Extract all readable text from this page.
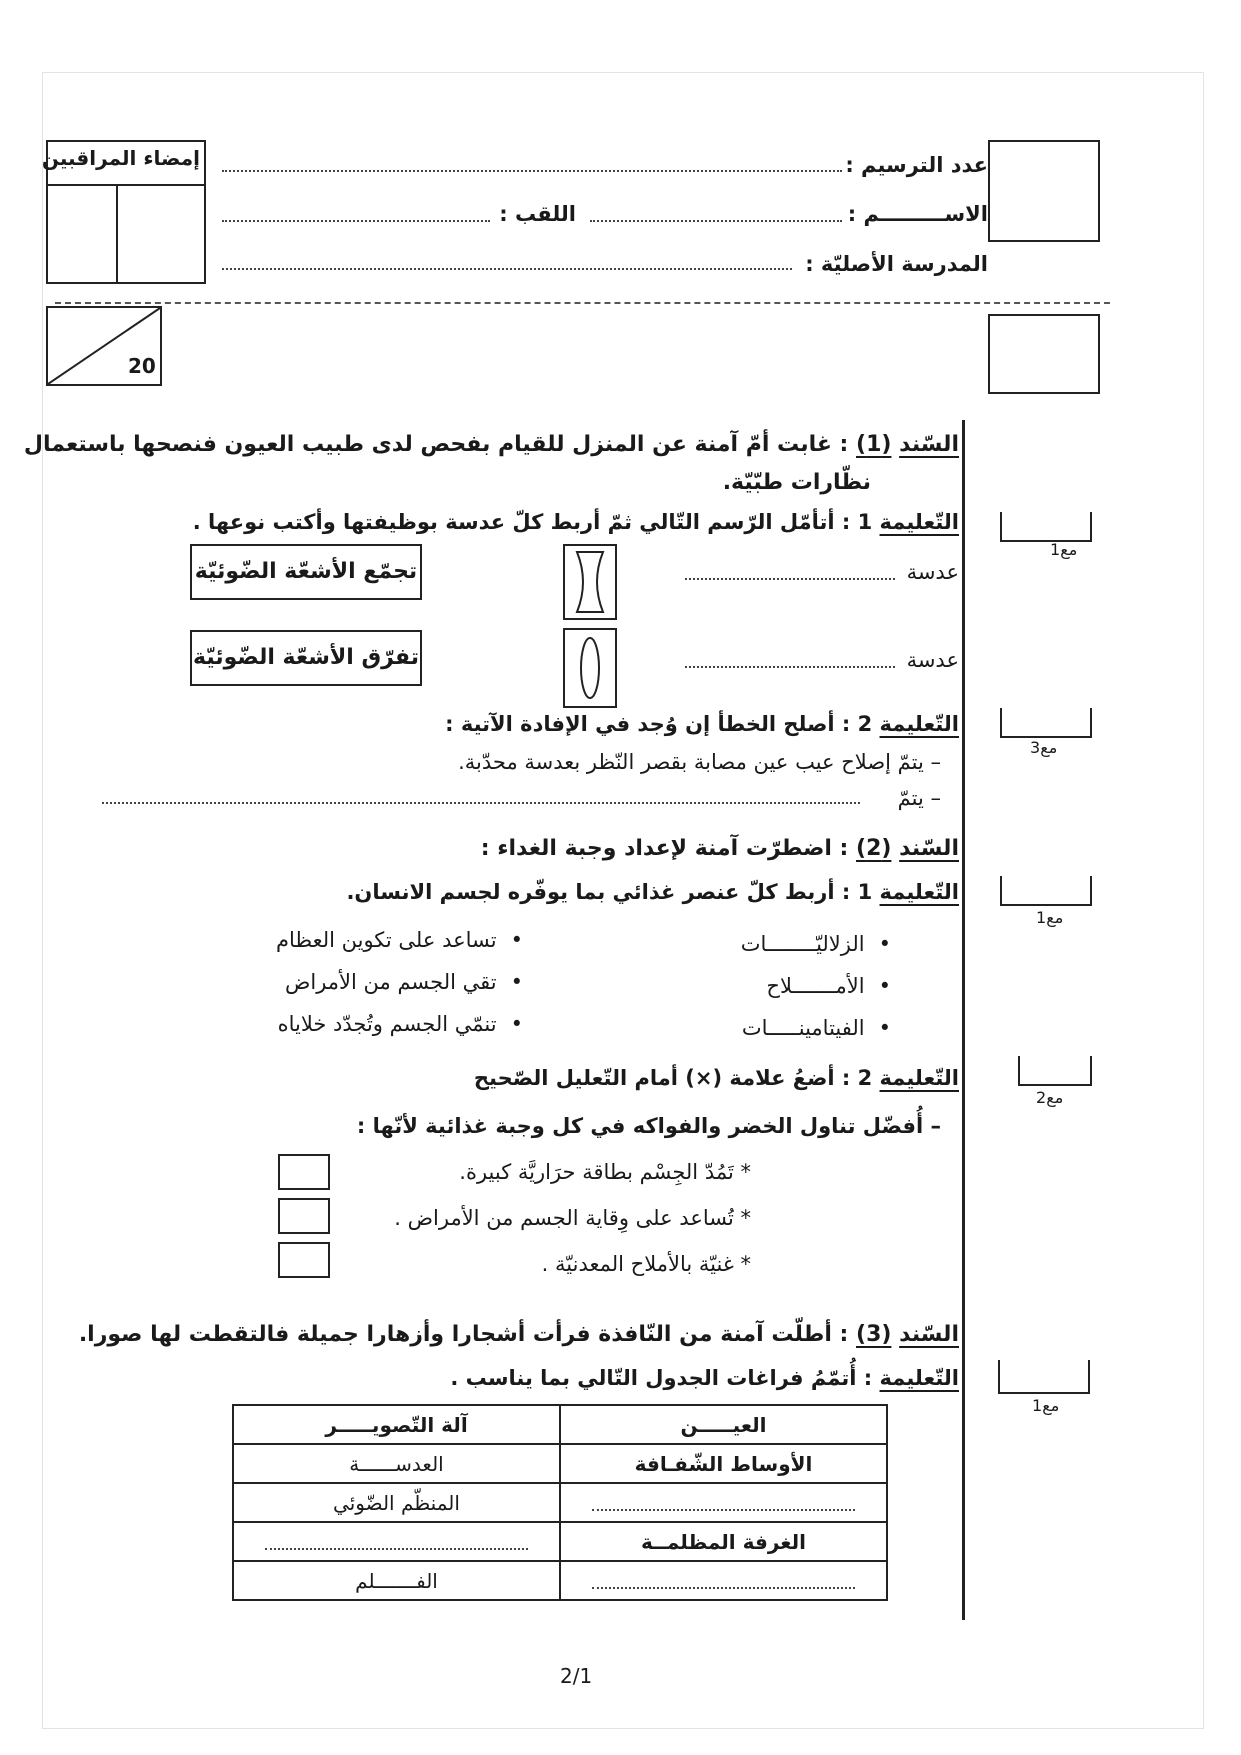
عدد الترسيم :
الاســـــــــم :
اللقب :
المدرسة الأصليّة :
إمضاء المراقبين
20
السّند (1) : غابت أمّ آمنة عن المنزل للقيام بفحص لدى طبيب العيون فنصحها باستعمال
نظّارات طبّيّة.
التّعليمة 1 : أتأمّل الرّسم التّالي ثمّ أربط كلّ عدسة بوظيفتها وأكتب نوعها .
مع1
عدسة
تجمّع الأشعّة الضّوئيّة
عدسة
تفرّق الأشعّة الضّوئيّة
التّعليمة 2 : أصلح الخطأ إن وُجد في الإفادة الآتية :
مع3
– يتمّ إصلاح عيب عين مصابة بقصر النّظر بعدسة محدّبة.
– يتمّ
السّند (2) : اضطرّت آمنة لإعداد وجبة الغداء :
التّعليمة 1 : أربط كلّ عنصر غذائي بما يوفّره لجسم الانسان.
مع1
• الزلاليّــــــــات
• الأمـــــــلاح
• الفيتامينـــــات
• تساعد على تكوين العظام
• تقي الجسم من الأمراض
• تنمّي الجسم وتُجدّد خلاياه
التّعليمة 2 : أضعُ علامة (×) أمام التّعليل الصّحيح
مع2
– أُفضّل تناول الخضر والفواكه في كل وجبة غذائية لأنّها :
* تَمُدّ الجِسْم بطاقة حرَاريَّة كبيرة.
* تُساعد على وِقاية الجسم من الأمراض .
* غنيّة بالأملاح المعدنيّة .
السّند (3) : أطلّت آمنة من النّافذة فرأت أشجارا وأزهارا جميلة فالتقطت لها صورا.
التّعليمة : أُتمّمُ فراغات الجدول التّالي بما يناسب .
مع1
العيـــــن	آلة التّصويـــــر
الأوساط الشّفـافة	العدســــــة

	المنظّم الضّوئي
الغرفة المظلمــة	

	الفـــــــلم
2/1
